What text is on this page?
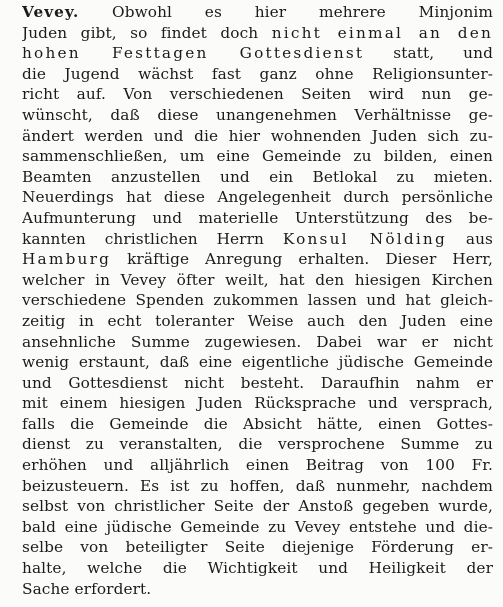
Vevey. Obwohl es hier mehrere Minjonim
Juden gibt, so findet doch nicht einmal an den
hohen Festtagen Gottesdienst statt, und
die Jugend wächst fast ganz ohne Religionsunter-
richt auf. Von verschiedenen Seiten wird nun ge-
wünscht, daß diese unangenehmen Verhältnisse ge-
ändert werden und die hier wohnenden Juden sich zu-
sammenschließen, um eine Gemeinde zu bilden, einen
Beamten anzustellen und ein Betlokal zu mieten.
Neuerdings hat diese Angelegenheit durch persönliche
Aufmunterung und materielle Unterstützung des be-
kannten christlichen Herrn Konsul Nölding aus
Hamburg kräftige Anregung erhalten. Dieser Herr,
welcher in Vevey öfter weilt, hat den hiesigen Kirchen
verschiedene Spenden zukommen lassen und hat gleich-
zeitig in echt toleranter Weise auch den Juden eine
ansehnliche Summe zugewiesen. Dabei war er nicht
wenig erstaunt, daß eine eigentliche jüdische Gemeinde
und Gottesdienst nicht besteht. Daraufhin nahm er
mit einem hiesigen Juden Rücksprache und versprach,
falls die Gemeinde die Absicht hätte, einen Gottes-
dienst zu veranstalten, die versprochene Summe zu
erhöhen und alljährlich einen Beitrag von 100 Fr.
beizusteuern. Es ist zu hoffen, daß nunmehr, nachdem
selbst von christlicher Seite der Anstoß gegeben wurde,
bald eine jüdische Gemeinde zu Vevey entstehe und die-
selbe von beteiligter Seite diejenige Förderung er-
halte, welche die Wichtigkeit und Heiligkeit der
Sache erfordert.
